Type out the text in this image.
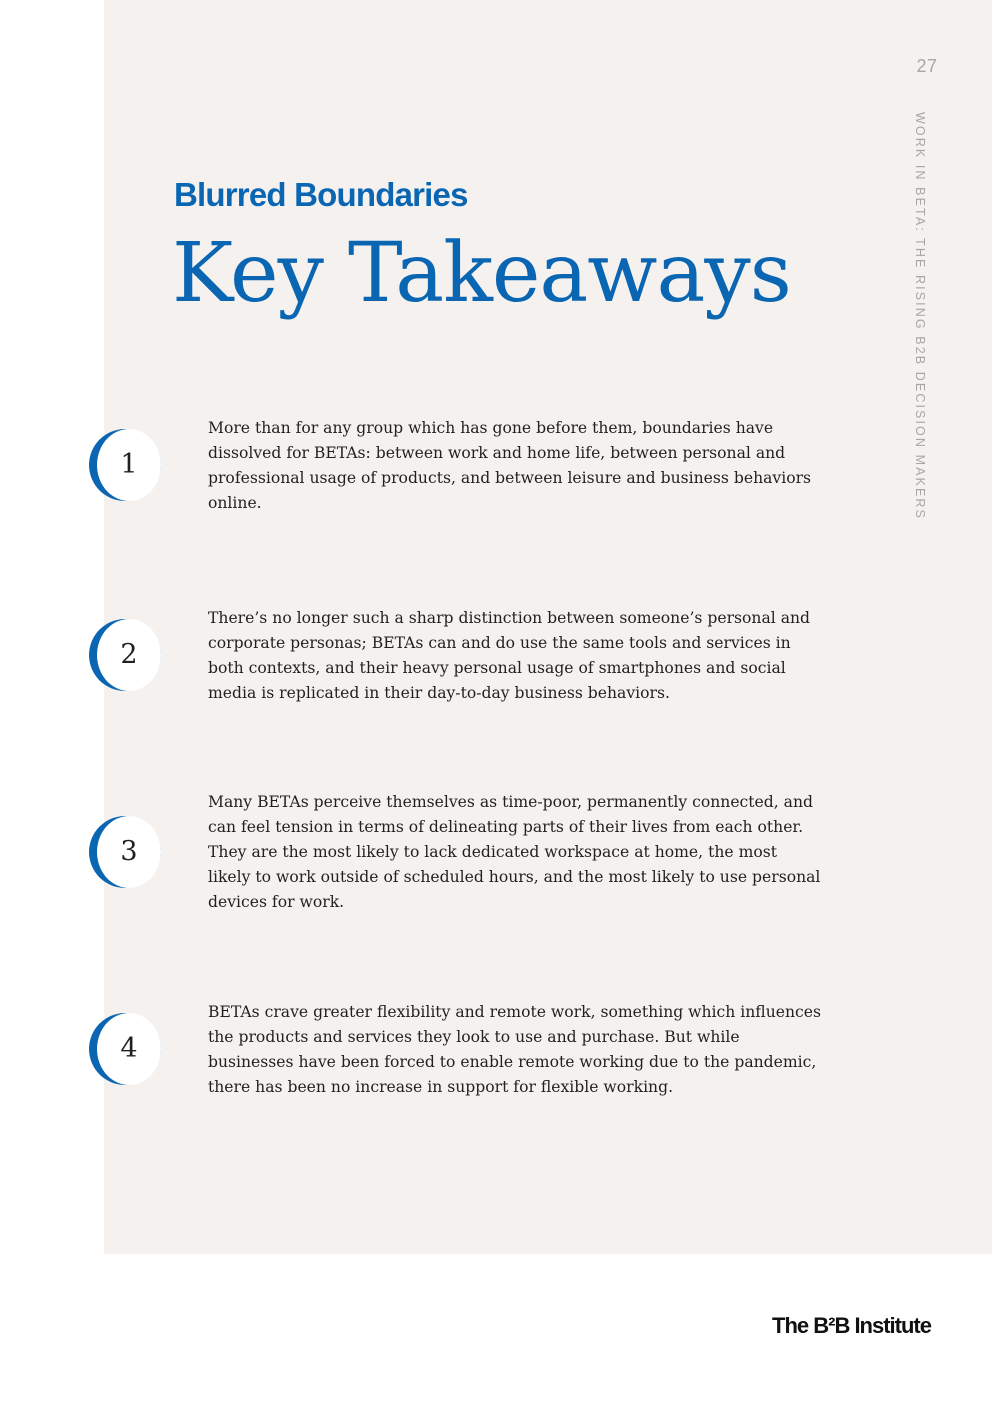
27
WORK IN BETA: THE RISING B2B DECISION MAKERS
Blurred Boundaries
Key Takeaways
1

More than for any group which has gone before them, boundaries have dissolved for BETAs: between work and home life, between personal and professional usage of products, and between leisure and business behaviors online.

2

There’s no longer such a sharp distinction between someone’s personal and corporate personas; BETAs can and do use the same tools and services in both contexts, and their heavy personal usage of smartphones and social media is replicated in their day-to-day business behaviors.

3

Many BETAs perceive themselves as time-poor, permanently connected, and can feel tension in terms of delineating parts of their lives from each other. They are the most likely to lack dedicated workspace at home, the most likely to work outside of scheduled hours, and the most likely to use personal devices for work.

4

BETAs crave greater flexibility and remote work, something which influences the products and services they look to use and purchase. But while businesses have been forced to enable remote working due to the pandemic, there has been no increase in support for flexible working.

The B²B Institute
